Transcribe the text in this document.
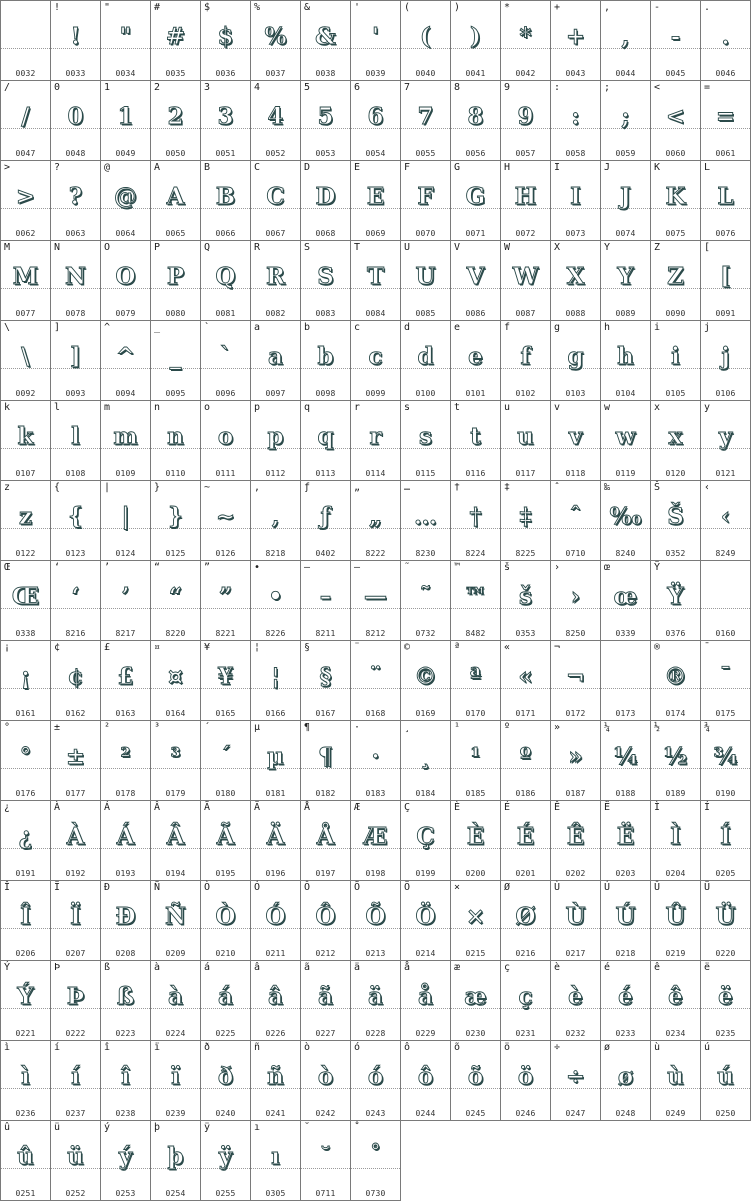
0032
!
!
0033
"
"
0034
#
#
0035
$
$
0036
%
%
0037
&
&
0038
'
'
0039
(
(
0040
)
)
0041
*
*
0042
+
+
0043
,
,
0044
-
-
0045
.
.
0046
/
/
0047
0
0
0048
1
1
0049
2
2
0050
3
3
0051
4
4
0052
5
5
0053
6
6
0054
7
7
0055
8
8
0056
9
9
0057
:
:
0058
;
;
0059
<
<
0060
=
=
0061
>
>
0062
?
?
0063
@
@
0064
A
A
0065
B
B
0066
C
C
0067
D
D
0068
E
E
0069
F
F
0070
G
G
0071
H
H
0072
I
I
0073
J
J
0074
K
K
0075
L
L
0076
M
M
0077
N
N
0078
O
O
0079
P
P
0080
Q
Q
0081
R
R
0082
S
S
0083
T
T
0084
U
U
0085
V
V
0086
W
W
0087
X
X
0088
Y
Y
0089
Z
Z
0090
[
[
0091
\
\
0092
]
]
0093
^
^
0094
_
_
0095
`
`
0096
a
a
0097
b
b
0098
c
c
0099
d
d
0100
e
e
0101
f
f
0102
g
g
0103
h
h
0104
i
i
0105
j
j
0106
k
k
0107
l
l
0108
m
m
0109
n
n
0110
o
o
0111
p
p
0112
q
q
0113
r
r
0114
s
s
0115
t
t
0116
u
u
0117
v
v
0118
w
w
0119
x
x
0120
y
y
0121
z
z
0122
{
{
0123
|
|
0124
}
}
0125
~
~
0126
‚
‚
8218
ƒ
ƒ
0402
„
„
8222
…
…
8230
†
†
8224
‡
‡
8225
ˆ
ˆ
0710
‰
‰
8240
Š
Š
0352
‹
‹
8249
Œ
Œ
0338
‘
‘
8216
’
’
8217
“
“
8220
”
”
8221
•
•
8226
–
–
8211
—
—
8212
˜
˜
0732
™
™
8482
š
š
0353
›
›
8250
œ
œ
0339
Ÿ
Ÿ
0376

	0160
¡
¡
0161
¢
¢
0162
£
£
0163
¤
¤
0164
¥
¥
0165
¦
¦
0166
§
§
0167
¨
¨
0168
©
©
0169
ª
ª
0170
«
«
0171
¬
¬
0172

	0173
®
®
0174
¯
¯
0175
°
°
0176
±
±
0177
²
²
0178
³
³
0179
´
´
0180
µ
µ
0181
¶
¶
0182
·
·
0183
¸
¸
0184
¹
¹
0185
º
º
0186
»
»
0187
¼
¼
0188
½
½
0189
¾
¾
0190
¿
¿
0191
À
À
0192
Á
Á
0193
Â
Â
0194
Ã
Ã
0195
Ä
Ä
0196
Å
Å
0197
Æ
Æ
0198
Ç
Ç
0199
È
È
0200
É
É
0201
Ê
Ê
0202
Ë
Ë
0203
Ì
Ì
0204
Í
Í
0205
Î
Î
0206
Ï
Ï
0207
Ð
Ð
0208
Ñ
Ñ
0209
Ò
Ò
0210
Ó
Ó
0211
Ô
Ô
0212
Õ
Õ
0213
Ö
Ö
0214
×
×
0215
Ø
Ø
0216
Ù
Ù
0217
Ú
Ú
0218
Û
Û
0219
Ü
Ü
0220
Ý
Ý
0221
Þ
Þ
0222
ß
ß
0223
à
à
0224
á
á
0225
â
â
0226
ã
ã
0227
ä
ä
0228
å
å
0229
æ
æ
0230
ç
ç
0231
è
è
0232
é
é
0233
ê
ê
0234
ë
ë
0235
ì
ì
0236
í
í
0237
î
î
0238
ï
ï
0239
ð
ð
0240
ñ
ñ
0241
ò
ò
0242
ó
ó
0243
ô
ô
0244
õ
õ
0245
ö
ö
0246
÷
÷
0247
ø
ø
0248
ù
ù
0249
ú
ú
0250
û
û
0251
ü
ü
0252
ý
ý
0253
þ
þ
0254
ÿ
ÿ
0255
ı
ı
0305
˘
˘
0711
˚
˚
0730
